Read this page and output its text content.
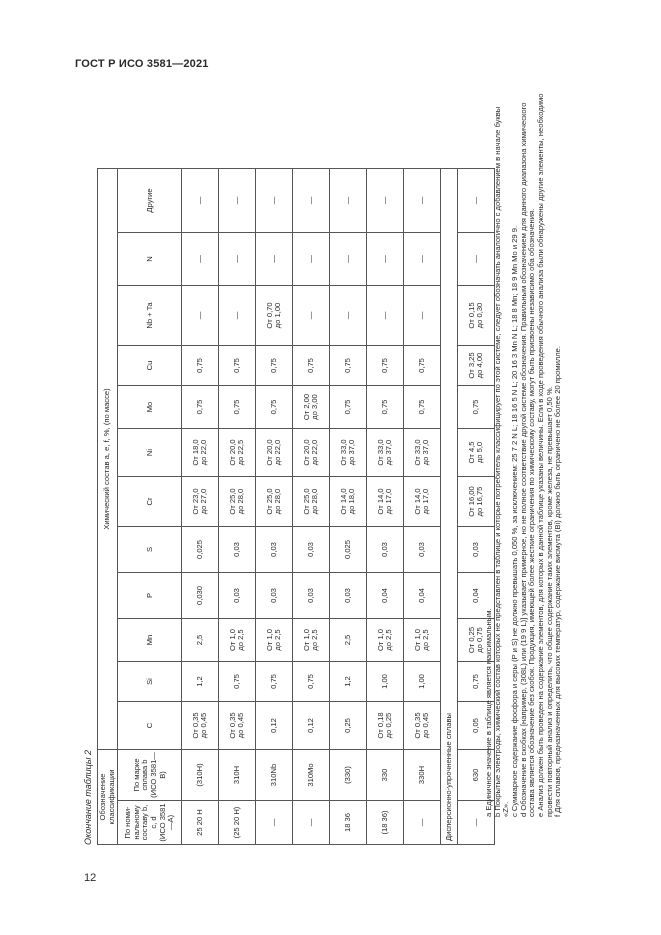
ГОСТ Р ИСО 3581—2021
Окончание таблицы 2 Обозначение классификации		Химический состав a, e, f, %, (по массе)											

По номи- нальному составу b, c, d (ИСО 3581—А)	По марке сплава b (ИСО 3581—В)	C	Si	Mn	P	S	Cr	Ni	Mo	Cu	Nb + Ta	N	Другие
25 20 H	(310H)	От 0,35 до 0,45	1,2	2,5	0,030	0,025	От 23,0 до 27,0	От 18,0 до 22,0	0,75	0,75	—	—	—
(25 20 H)	310H	От 0,35 до 0,45	0,75	От 1,0 до 2,5	0,03	0,03	От 25,0 до 28,0	От 20,0 до 22,5	0,75	0,75	—	—	—
—	310Nb	0,12	0,75	От 1,0 до 2,5	0,03	0,03	От 25,0 до 28,0	От 20,0 до 22,0	0,75	0,75	От 0,70 до 1,00	—	—
—	310Mo	0,12	0,75	От 1,0 до 2,5	0,03	0,03	От 25,0 до 28,0	От 20,0 до 22,0	От 2,00 до 3,00	0,75	—	—	—
18 36	(330)	0,25	1,2	2,5	0,03	0,025	От 14,0 до 18,0	От 33,0 до 37,0	0,75	0,75	—	—	—
(18 36)	330	От 0,18 до 0,25	1,00	От 1,0 до 2,5	0,04	0,03	От 14,0 до 17,0	От 33,0 до 37,0	0,75	0,75	—	—	—
—	330H	От 0,35 до 0,45	1,00	От 1,0 до 2,5	0,04	0,03	От 14,0 до 17,0	От 33,0 до 37,0	0,75	0,75	—	—	—
Дисперсионно-упрочненные сплавы													
—	630	0,05	0,75	От 0,25 до 0,75	0,04	0,03	От 16,00 до 16,75	От 4,5 до 5,0	0,75	От 3,25 до 4,00	От 0,15 до 0,30	—	—

a Единичное значение в таблице является максимальным. b Покрытые электроды, химический состав которых не представлен в таблице и которые потребитель классифицирует по этой системе, следует обозначать аналогично с добавлением в начале буквы «Z». c Суммарное содержание фосфора и серы (P и S) не должно превышать 0,050 %, за исключением: 25 7 2 N L; 18 16 5 N L; 20 16 3 Mn N L; 18 8 Mn; 18 9 Mn Mo и 29 9. d Обозначение в скобках [например, (308L) или (19 9 L)] указывает примерное, но не полное соответствие другой системе обозначения. Правильным обозначением для данного диапазона химического состава является обозначение без скобок. Продукция, имеющей более жесткие ограничения по химическому составу, могут быть присвоены независимо оба обозначения. e Анализ должен быть проведен на содержание элементов, для которых в данной таблице указаны величины. Если в ходе проведения обычного анализа были обнаружены другие элементы, необходимо провести повторный анализ и определить, что общее содержание таких элементов, кроме железа, не превышает 0,50 %. f Для сплавов, предназначенных для высоких температур, содержание висмута (Bi) должно быть ограничено не более 20 промилле.

12
